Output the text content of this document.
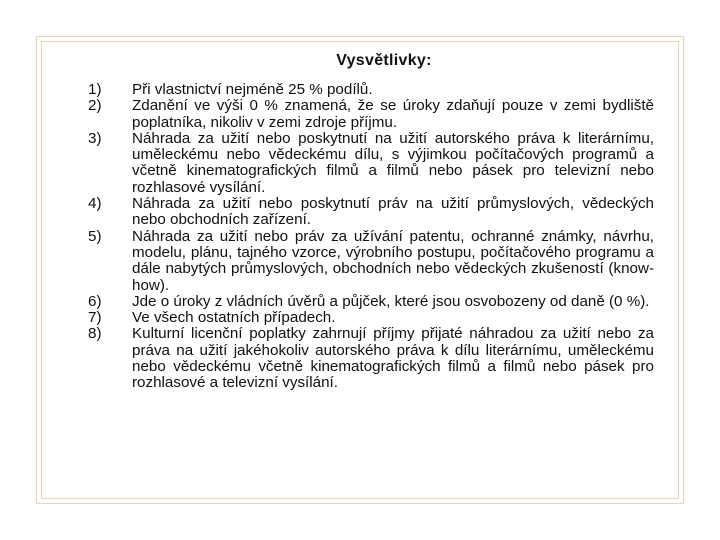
Vysvětlivky:
1)	Při vlastnictví nejméně 25 % podílů.
2)	Zdanění ve výši 0 % znamená, že se úroky zdaňují pouze v zemi bydliště poplatníka, nikoliv v zemi zdroje příjmu.
3)	Náhrada za užití nebo poskytnutí na užití autorského práva k literárnímu, uměleckému nebo vědeckému dílu, s výjimkou počítačových programů a včetně kinematografických filmů a filmů nebo pásek pro televizní nebo rozhlasové vysílání.
4)	Náhrada za užití nebo poskytnutí práv na užití průmyslových, vědeckých nebo obchodních zařízení.
5)	Náhrada za užití nebo práv za užívání patentu, ochranné známky, návrhu, modelu, plánu, tajného vzorce, výrobního postupu, počítačového programu a dále nabytých průmyslových, obchodních nebo vědeckých zkušeností (know-how).
6)	Jde o úroky z vládních úvěrů a půjček, které jsou osvobozeny od daně (0 %).
7)	Ve všech ostatních případech.
8)	Kulturní licenční poplatky zahrnují příjmy přijaté náhradou za užití nebo za práva na užití jakéhokoliv autorského práva k dílu literárnímu, uměleckému nebo vědeckému včetně kinematografických filmů a filmů nebo pásek pro rozhlasové a televizní vysílání.
